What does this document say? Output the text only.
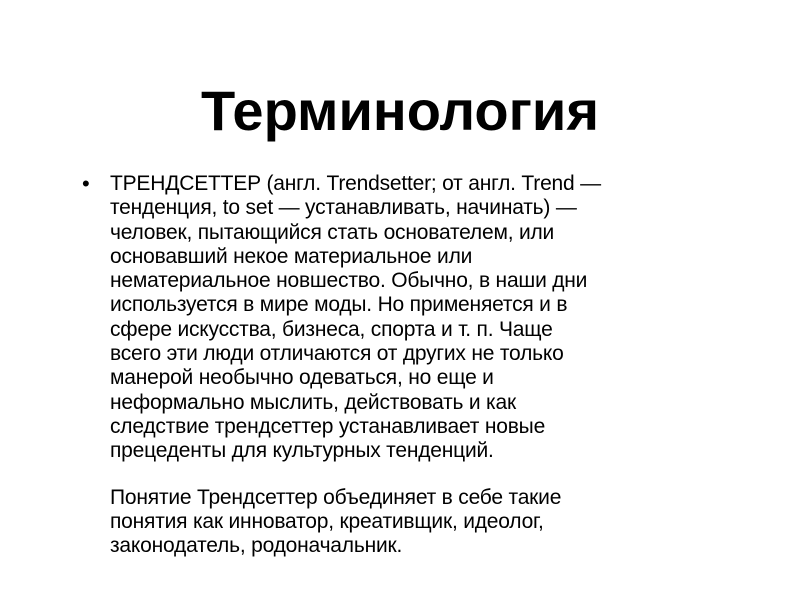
Терминология
• ТРЕНДСЕТТЕР (англ. Trendsetter; от англ. Trend —
тенденция, to set — устанавливать, начинать) —
человек, пытающийся стать основателем, или
основавший некое материальное или
нематериальное новшество. Обычно, в наши дни
используется в мире моды. Но применяется и в
сфере искусства, бизнеса, спорта и т. п. Чаще
всего эти люди отличаются от других не только
манерой необычно одеваться, но еще и
неформально мыслить, действовать и как
следствие трендсеттер устанавливает новые
прецеденты для культурных тенденций.

Понятие Трендсеттер объединяет в себе такие
понятия как инноватор, креативщик, идеолог,
законодатель, родоначальник.
